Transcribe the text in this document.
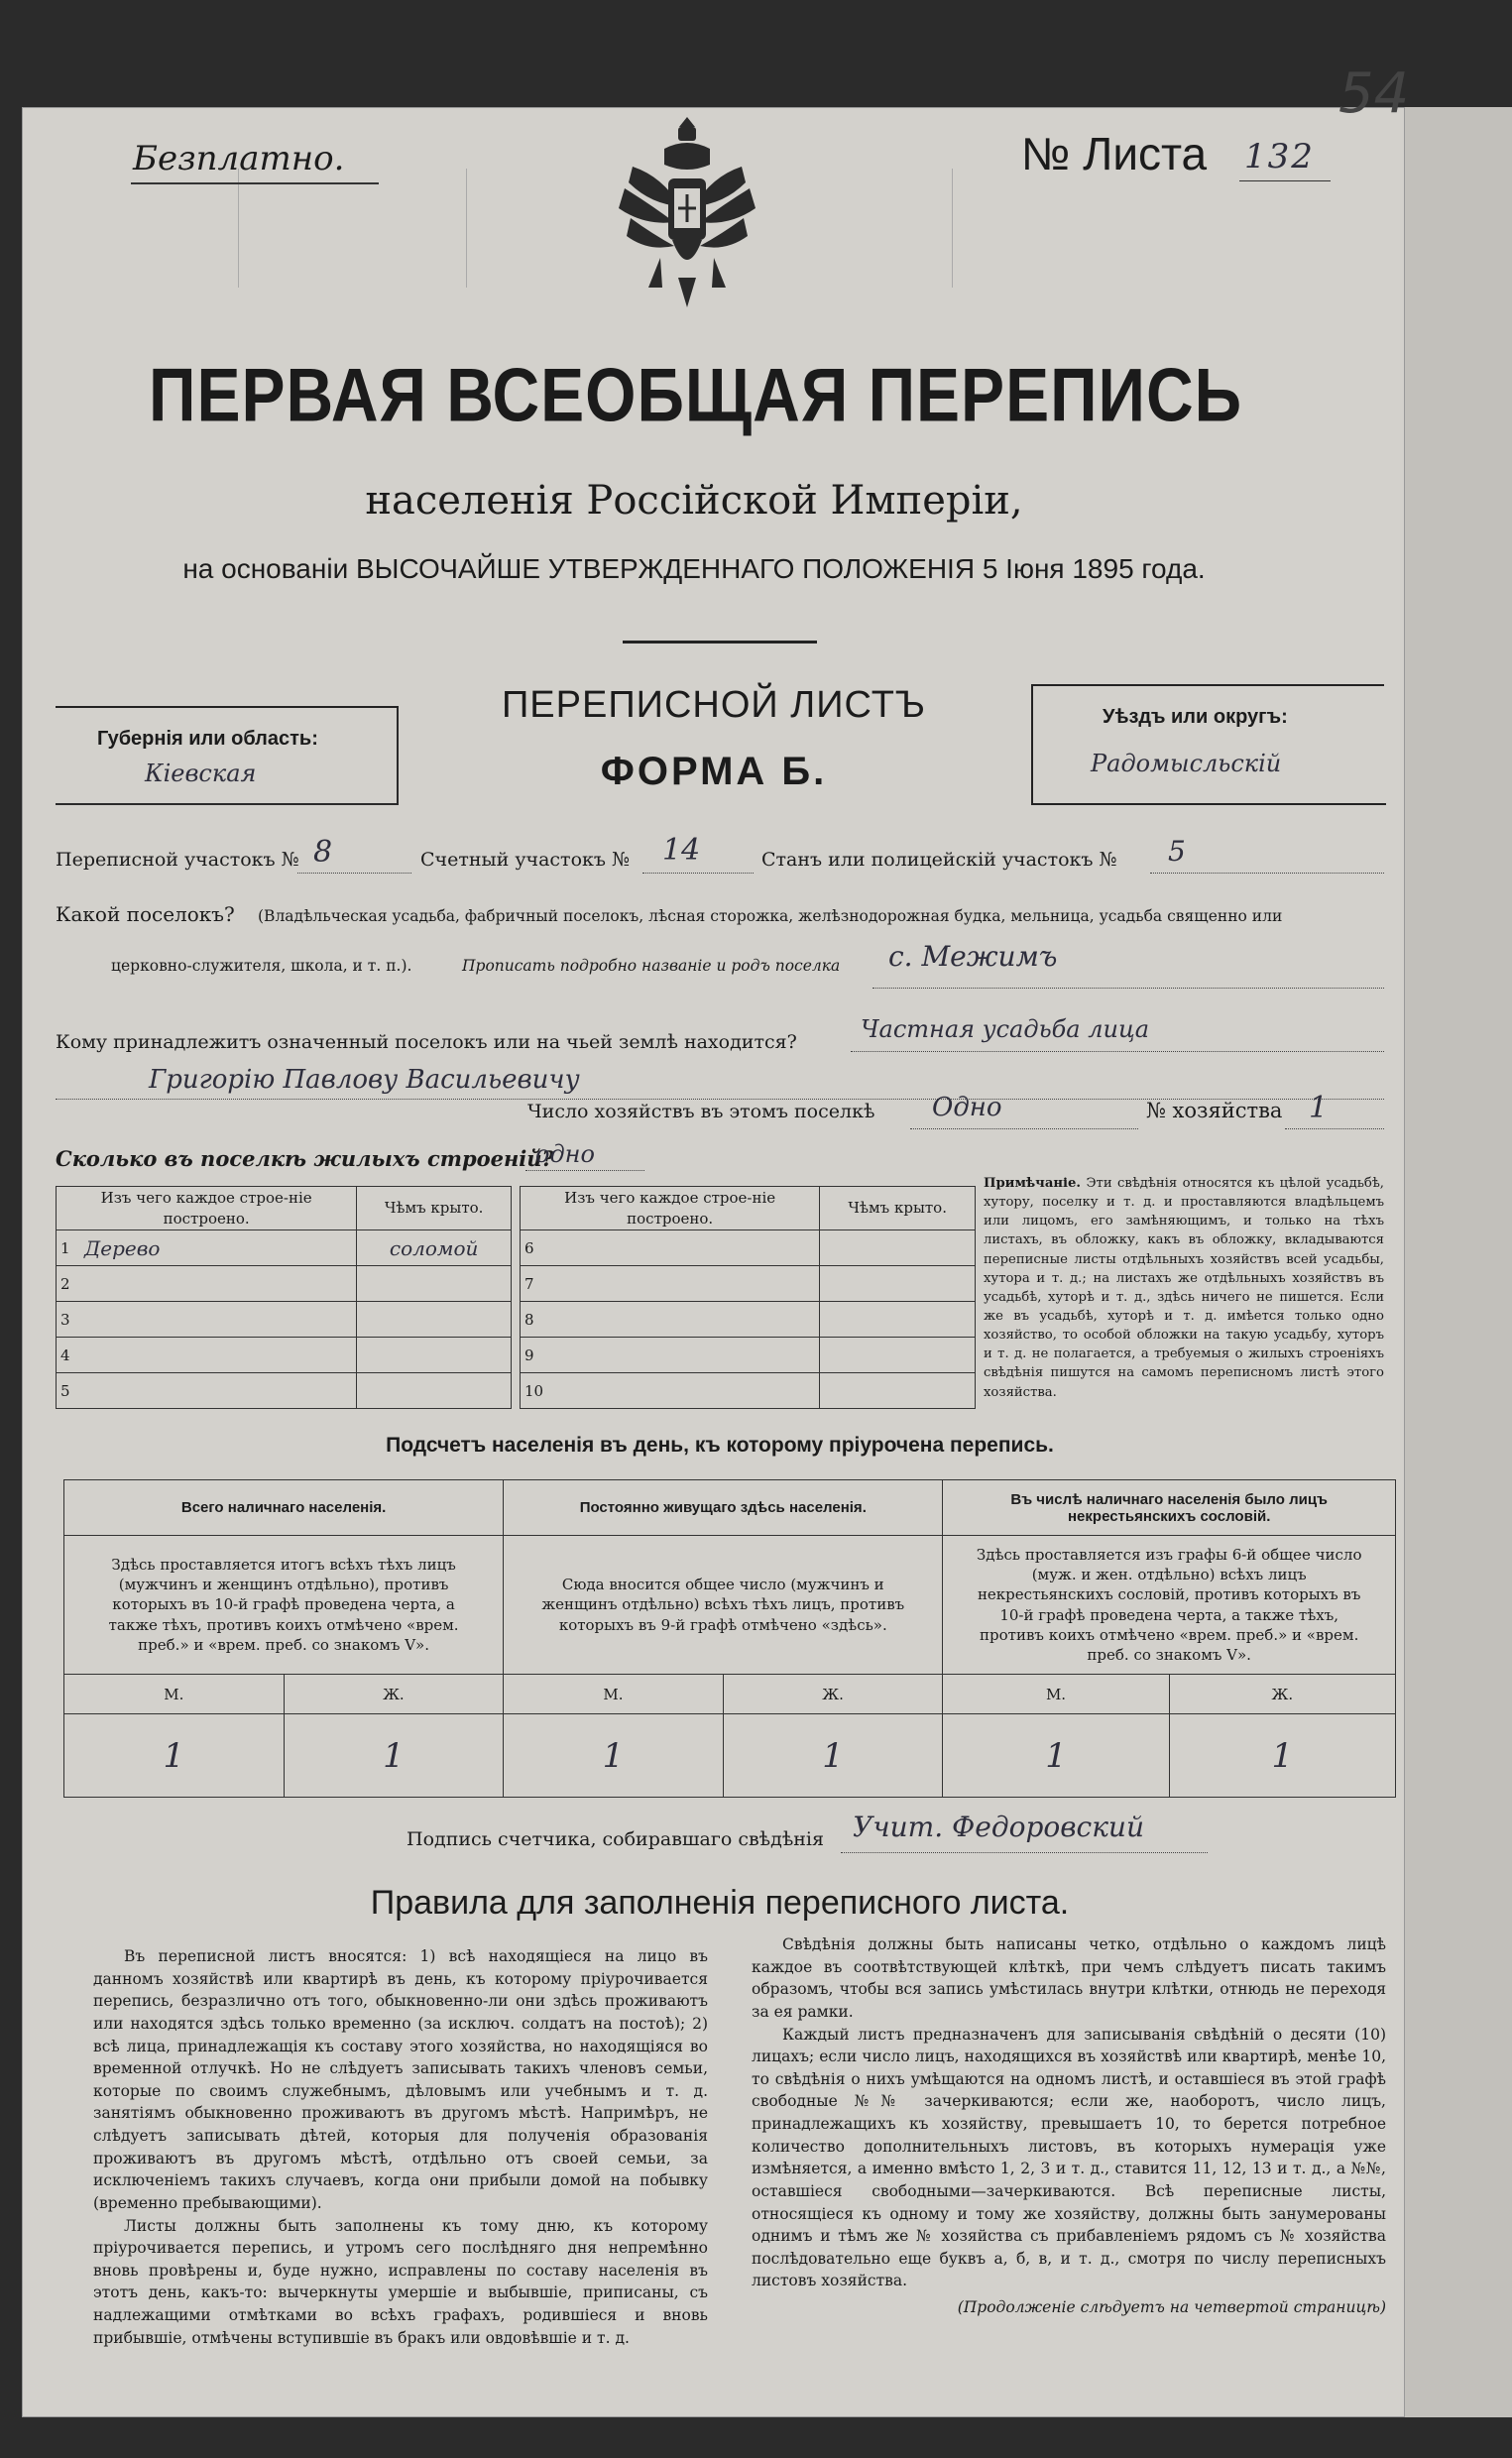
54
Безплатно.	№ Листа 132
ПЕРВАЯ ВСЕОБЩАЯ ПЕРЕПИСЬ
населенія Россійской Имперіи,
на основаніи ВЫСОЧАЙШЕ УТВЕРЖДЕННАГО ПОЛОЖЕНІЯ 5 Іюня 1895 года.
Губернія или область:
Кіевская
ПЕРЕПИСНОЙ ЛИСТЪ
ФОРМА Б.
Уѣздъ или округъ:
Радомысльскій
Переписной участокъ № 8	Счетный участокъ № 14	Станъ или полицейскій участокъ № 5
Какой поселокъ? (Владѣльческая усадьба, фабричный поселокъ, лѣсная сторожка, желѣзнодорожная будка, мельница, усадьба священно или
церковно-служителя, школа, и т. п.).	Прописать подробно названіе и родъ поселка с. Межимъ
Кому принадлежитъ означенный поселокъ или на чьей землѣ находится?	Частная усадьба лица
Григорію Павлову Васильевичу
Число хозяйствъ въ этомъ поселкѣ Одно	№ хозяйства 1
Сколько въ поселкѣ жилыхъ строеній?
одно
Изъ чего каждое строе-ніе построено.		Чѣмъ крыто.
1	Дерево	соломой
2		
3		
4		
5		
Изъ чего каждое строе-ніе построено.		Чѣмъ крыто.
6		
7		
8		
9		
10		
Примѣчаніе. Эти свѣдѣнія относятся къ цѣлой усадьбѣ, хутору, поселку и т. д. и проставляются владѣльцемъ или лицомъ, его замѣняющимъ, и только на тѣхъ листахъ, въ обложку, какъ въ обложку, вкладываются переписные листы отдѣльныхъ хозяйствъ всей усадьбы, хутора и т. д.; на листахъ же отдѣльныхъ хозяйствъ въ усадьбѣ, хуторѣ и т. д., здѣсь ничего не пишется. Если же въ усадьбѣ, хуторѣ и т. д. имѣется только одно хозяйство, то особой обложки на такую усадьбу, хуторъ и т. д. не полагается, а требуемыя о жилыхъ строеніяхъ свѣдѣнія пишутся на самомъ переписномъ листѣ этого хозяйства.
Подсчетъ населенія въ день, къ которому пріурочена перепись.
Всего наличнаго населенія.		Постоянно живущаго здѣсь населенія.		Въ числѣ наличнаго населенія было лицъ некрестьянскихъ сословій.	
Здѣсь проставляется итогъ всѣхъ тѣхъ лицъ (мужчинъ и женщинъ отдѣльно), противъ которыхъ въ 10-й графѣ проведена черта, а также тѣхъ, противъ коихъ отмѣчено «врем. преб.» и «врем. преб. со знакомъ V».		Сюда вносится общее число (мужчинъ и женщинъ отдѣльно) всѣхъ тѣхъ лицъ, противъ которыхъ въ 9-й графѣ отмѣчено «здѣсь».		Здѣсь проставляется изъ графы 6-й общее число (муж. и жен. отдѣльно) всѣхъ лицъ некрестьянскихъ сословій, противъ которыхъ въ 10-й графѣ проведена черта, а также тѣхъ, противъ коихъ отмѣчено «врем. преб.» и «врем. преб. со знакомъ V».	
М.	Ж.	М.	Ж.	М.	Ж.
1	1	1	1	1	1
Подпись счетчика, собиравшаго свѣдѣнія Учит. Федоровский
Правила для заполненія переписного листа.

Въ переписной листъ вносятся: 1) всѣ находящіеся на лицо въ данномъ хозяйствѣ или квартирѣ въ день, къ которому пріурочивается перепись, безразлично отъ того, обыкновенно-ли они здѣсь проживаютъ или находятся здѣсь только временно (за исключ. солдатъ на постоѣ); 2) всѣ лица, принадлежащія къ составу этого хозяйства, но находящіяся во временной отлучкѣ. Но не слѣдуетъ записывать такихъ членовъ семьи, которые по своимъ служебнымъ, дѣловымъ или учебнымъ и т. д. занятіямъ обыкновенно проживаютъ въ другомъ мѣстѣ. Напримѣръ, не слѣдуетъ записывать дѣтей, которыя для полученія образованія проживаютъ въ другомъ мѣстѣ, отдѣльно отъ своей семьи, за исключеніемъ такихъ случаевъ, когда они прибыли домой на побывку (временно пребывающими).

Листы должны быть заполнены къ тому дню, къ которому пріурочивается перепись, и утромъ сего послѣдняго дня непремѣнно вновь провѣрены и, буде нужно, исправлены по составу населенія въ этотъ день, какъ-то: вычеркнуты умершіе и выбывшіе, приписаны, съ надлежащими отмѣтками во всѣхъ графахъ, родившіеся и вновь прибывшіе, отмѣчены вступившіе въ бракъ или овдовѣвшіе и т. д.

Свѣдѣнія должны быть написаны четко, отдѣльно о каждомъ лицѣ каждое въ соотвѣтствующей клѣткѣ, при чемъ слѣдуетъ писать такимъ образомъ, чтобы вся запись умѣстилась внутри клѣтки, отнюдь не переходя за ея рамки.

Каждый листъ предназначенъ для записыванія свѣдѣній о десяти (10) лицахъ; если число лицъ, находящихся въ хозяйствѣ или квартирѣ, менѣе 10, то свѣдѣнія о нихъ умѣщаются на одномъ листѣ, и оставшіеся въ этой графѣ свободные №№ зачеркиваются; если же, наоборотъ, число лицъ, принадлежащихъ къ хозяйству, превышаетъ 10, то берется потребное количество дополнительныхъ листовъ, въ которыхъ нумерація уже измѣняется, а именно вмѣсто 1, 2, 3 и т. д., ставится 11, 12, 13 и т. д., а №№, оставшіеся свободными—зачеркиваются. Всѣ переписные листы, относящіеся къ одному и тому же хозяйству, должны быть занумерованы однимъ и тѣмъ же № хозяйства съ прибавленіемъ рядомъ съ № хозяйства послѣдовательно еще буквъ а, б, в, и т. д., смотря по числу переписныхъ листовъ хозяйства.

(Продолженіе слѣдуетъ на четвертой страницѣ)
